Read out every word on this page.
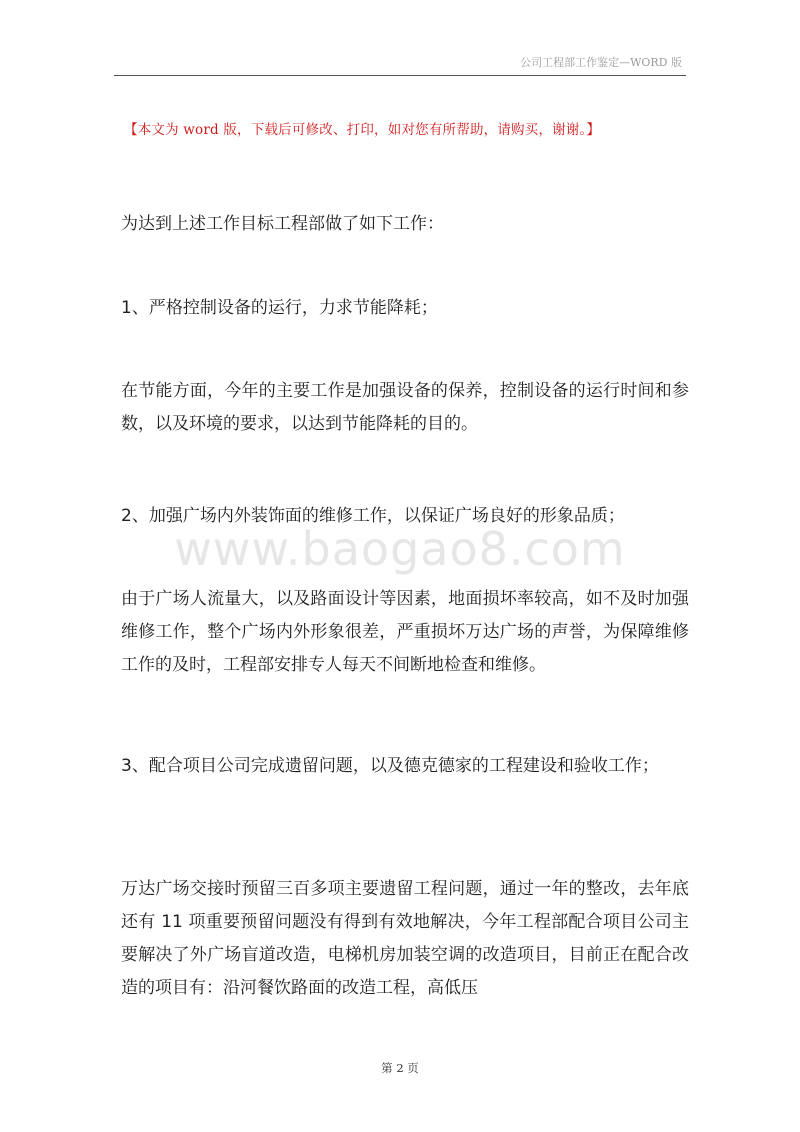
公司工程部工作鉴定—WORD 版
【本文为 word 版，下载后可修改、打印，如对您有所帮助，请购买，谢谢。】

为达到上述工作目标工程部做了如下工作：

1、严格控制设备的运行，力求节能降耗；

在节能方面，今年的主要工作是加强设备的保养，控制设备的运行时间和参数，以及环境的要求，以达到节能降耗的目的。

2、加强广场内外装饰面的维修工作，以保证广场良好的形象品质；

www.baogao8.com

由于广场人流量大，以及路面设计等因素，地面损坏率较高，如不及时加强维修工作，整个广场内外形象很差，严重损坏万达广场的声誉，为保障维修工作的及时，工程部安排专人每天不间断地检查和维修。

3、配合项目公司完成遗留问题，以及德克德家的工程建设和验收工作；

万达广场交接时预留三百多项主要遗留工程问题，通过一年的整改，去年底还有 11 项重要预留问题没有得到有效地解决，今年工程部配合项目公司主要解决了外广场盲道改造，电梯机房加装空调的改造项目，目前正在配合改造的项目有：沿河餐饮路面的改造工程，高低压

第 2 页
